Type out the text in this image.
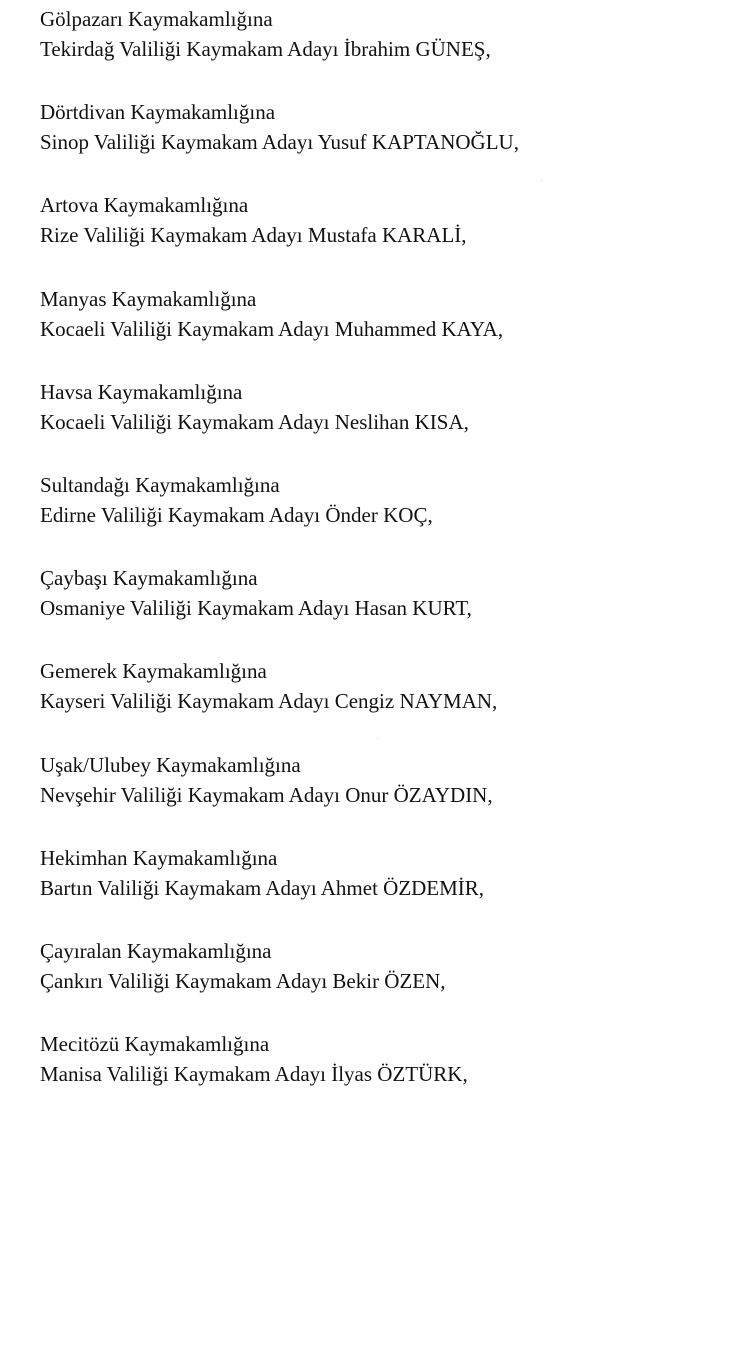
Gölpazarı Kaymakamlığına
Tekirdağ Valiliği Kaymakam Adayı İbrahim GÜNEŞ,
Dörtdivan Kaymakamlığına
Sinop Valiliği Kaymakam Adayı Yusuf KAPTANOĞLU,
Artova Kaymakamlığına
Rize Valiliği Kaymakam Adayı Mustafa KARALİ,
Manyas Kaymakamlığına
Kocaeli Valiliği Kaymakam Adayı Muhammed KAYA,
Havsa Kaymakamlığına
Kocaeli Valiliği Kaymakam Adayı Neslihan KISA,
Sultandağı Kaymakamlığına
Edirne Valiliği Kaymakam Adayı Önder KOÇ,
Çaybaşı Kaymakamlığına
Osmaniye Valiliği Kaymakam Adayı Hasan KURT,
Gemerek Kaymakamlığına
Kayseri Valiliği Kaymakam Adayı Cengiz NAYMAN,
Uşak/Ulubey Kaymakamlığına
Nevşehir Valiliği Kaymakam Adayı Onur ÖZAYDIN,
Hekimhan Kaymakamlığına
Bartın Valiliği Kaymakam Adayı Ahmet ÖZDEMİR,
Çayıralan Kaymakamlığına
Çankırı Valiliği Kaymakam Adayı Bekir ÖZEN,
Mecitözü Kaymakamlığına
Manisa Valiliği Kaymakam Adayı İlyas ÖZTÜRK,
